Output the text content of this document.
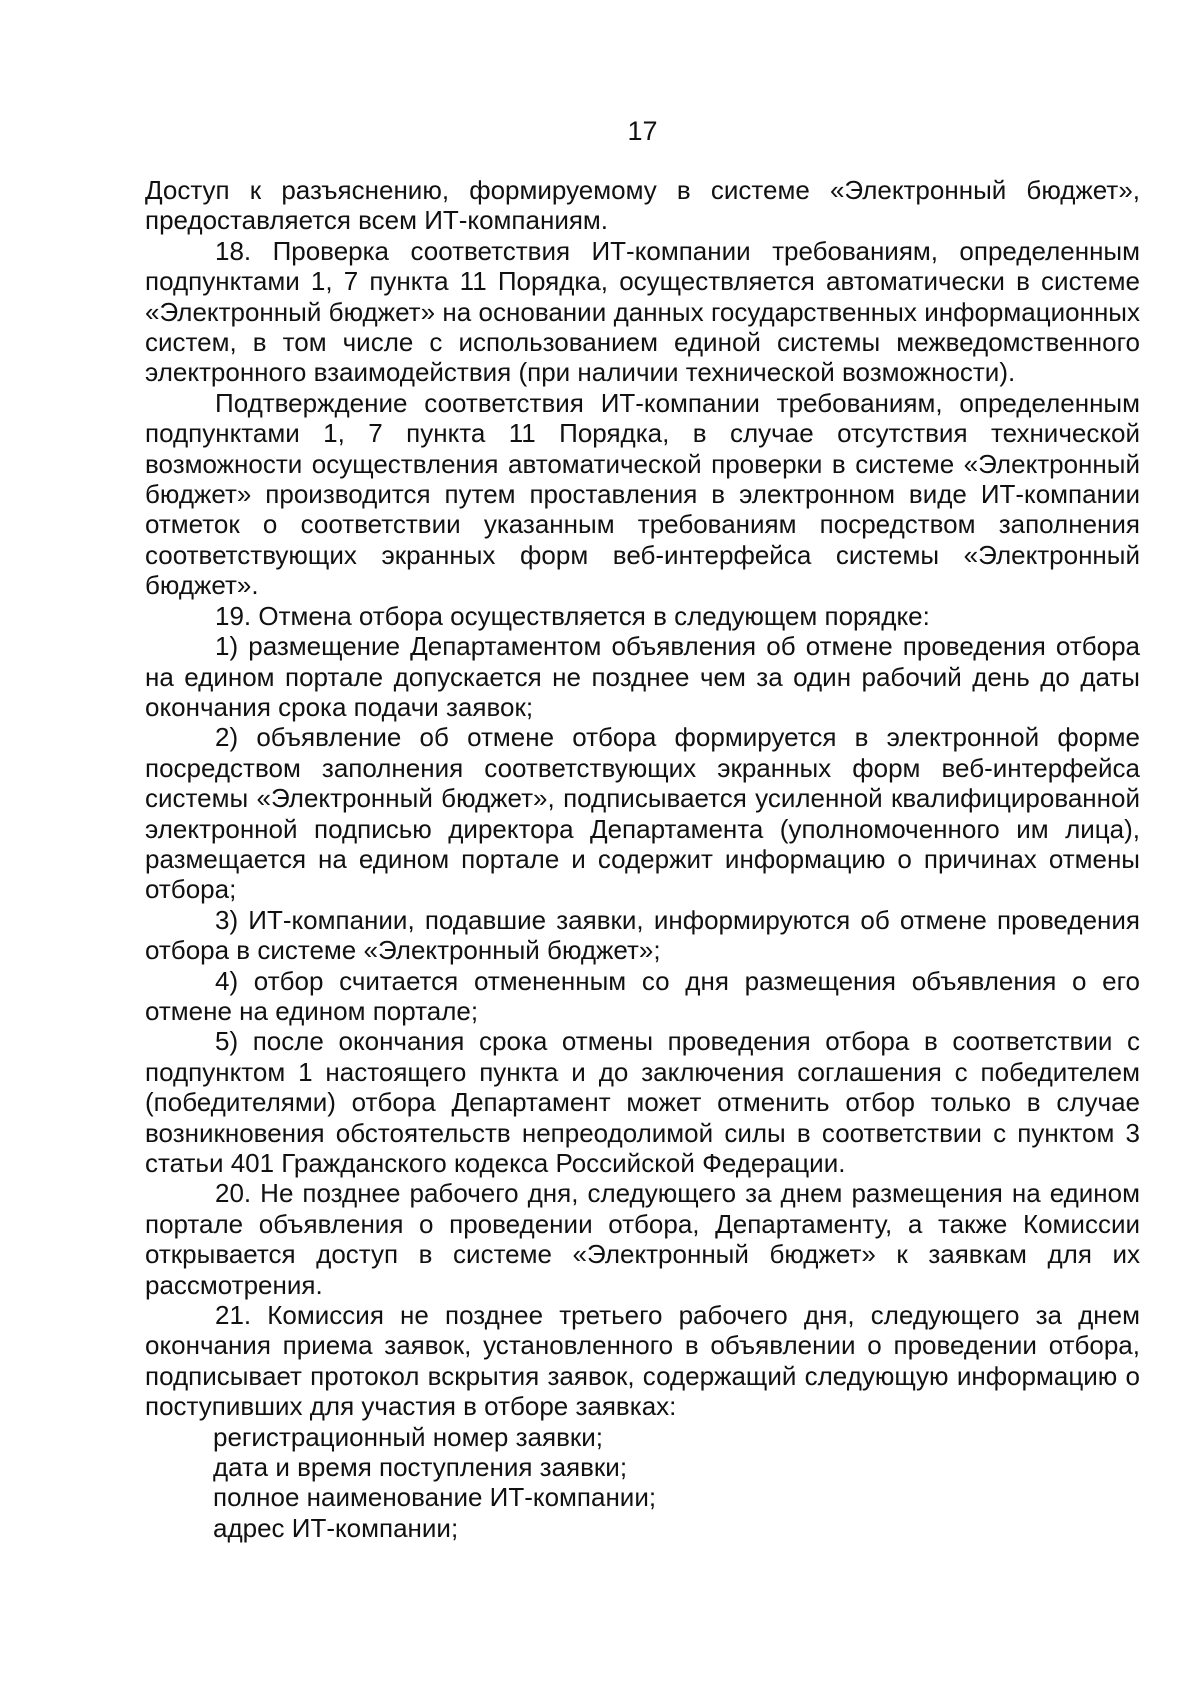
17

Доступ к разъяснению, формируемому в системе «Электронный бюджет», предоставляется всем ИТ-компаниям.

18. Проверка соответствия ИТ-компании требованиям, определенным подпунктами 1, 7 пункта 11 Порядка, осуществляется автоматически в системе «Электронный бюджет» на основании данных государственных информационных систем, в том числе с использованием единой системы межведомственного электронного взаимодействия (при наличии технической возможности).

Подтверждение соответствия ИТ-компании требованиям, определенным подпунктами 1, 7 пункта 11 Порядка, в случае отсутствия технической возможности осуществления автоматической проверки в системе «Электронный бюджет» производится путем проставления в электронном виде ИТ-компании отметок о соответствии указанным требованиям посредством заполнения соответствующих экранных форм веб-интерфейса системы «Электронный бюджет».

19. Отмена отбора осуществляется в следующем порядке:

1) размещение Департаментом объявления об отмене проведения отбора на едином портале допускается не позднее чем за один рабочий день до даты окончания срока подачи заявок;

2) объявление об отмене отбора формируется в электронной форме посредством заполнения соответствующих экранных форм веб-интерфейса системы «Электронный бюджет», подписывается усиленной квалифицированной электронной подписью директора Департамента (уполномоченного им лица), размещается на едином портале и содержит информацию о причинах отмены отбора;

3) ИТ-компании, подавшие заявки, информируются об отмене проведения отбора в системе «Электронный бюджет»;

4) отбор считается отмененным со дня размещения объявления о его отмене на едином портале;

5) после окончания срока отмены проведения отбора в соответствии с подпунктом 1 настоящего пункта и до заключения соглашения с победителем (победителями) отбора Департамент может отменить отбор только в случае возникновения обстоятельств непреодолимой силы в соответствии с пунктом 3 статьи 401 Гражданского кодекса Российской Федерации.

20. Не позднее рабочего дня, следующего за днем размещения на едином портале объявления о проведении отбора, Департаменту, а также Комиссии открывается доступ в системе «Электронный бюджет» к заявкам для их рассмотрения.

21. Комиссия не позднее третьего рабочего дня, следующего за днем окончания приема заявок, установленного в объявлении о проведении отбора, подписывает протокол вскрытия заявок, содержащий следующую информацию о поступивших для участия в отборе заявках:

регистрационный номер заявки;

дата и время поступления заявки;

полное наименование ИТ-компании;

адрес ИТ-компании;
